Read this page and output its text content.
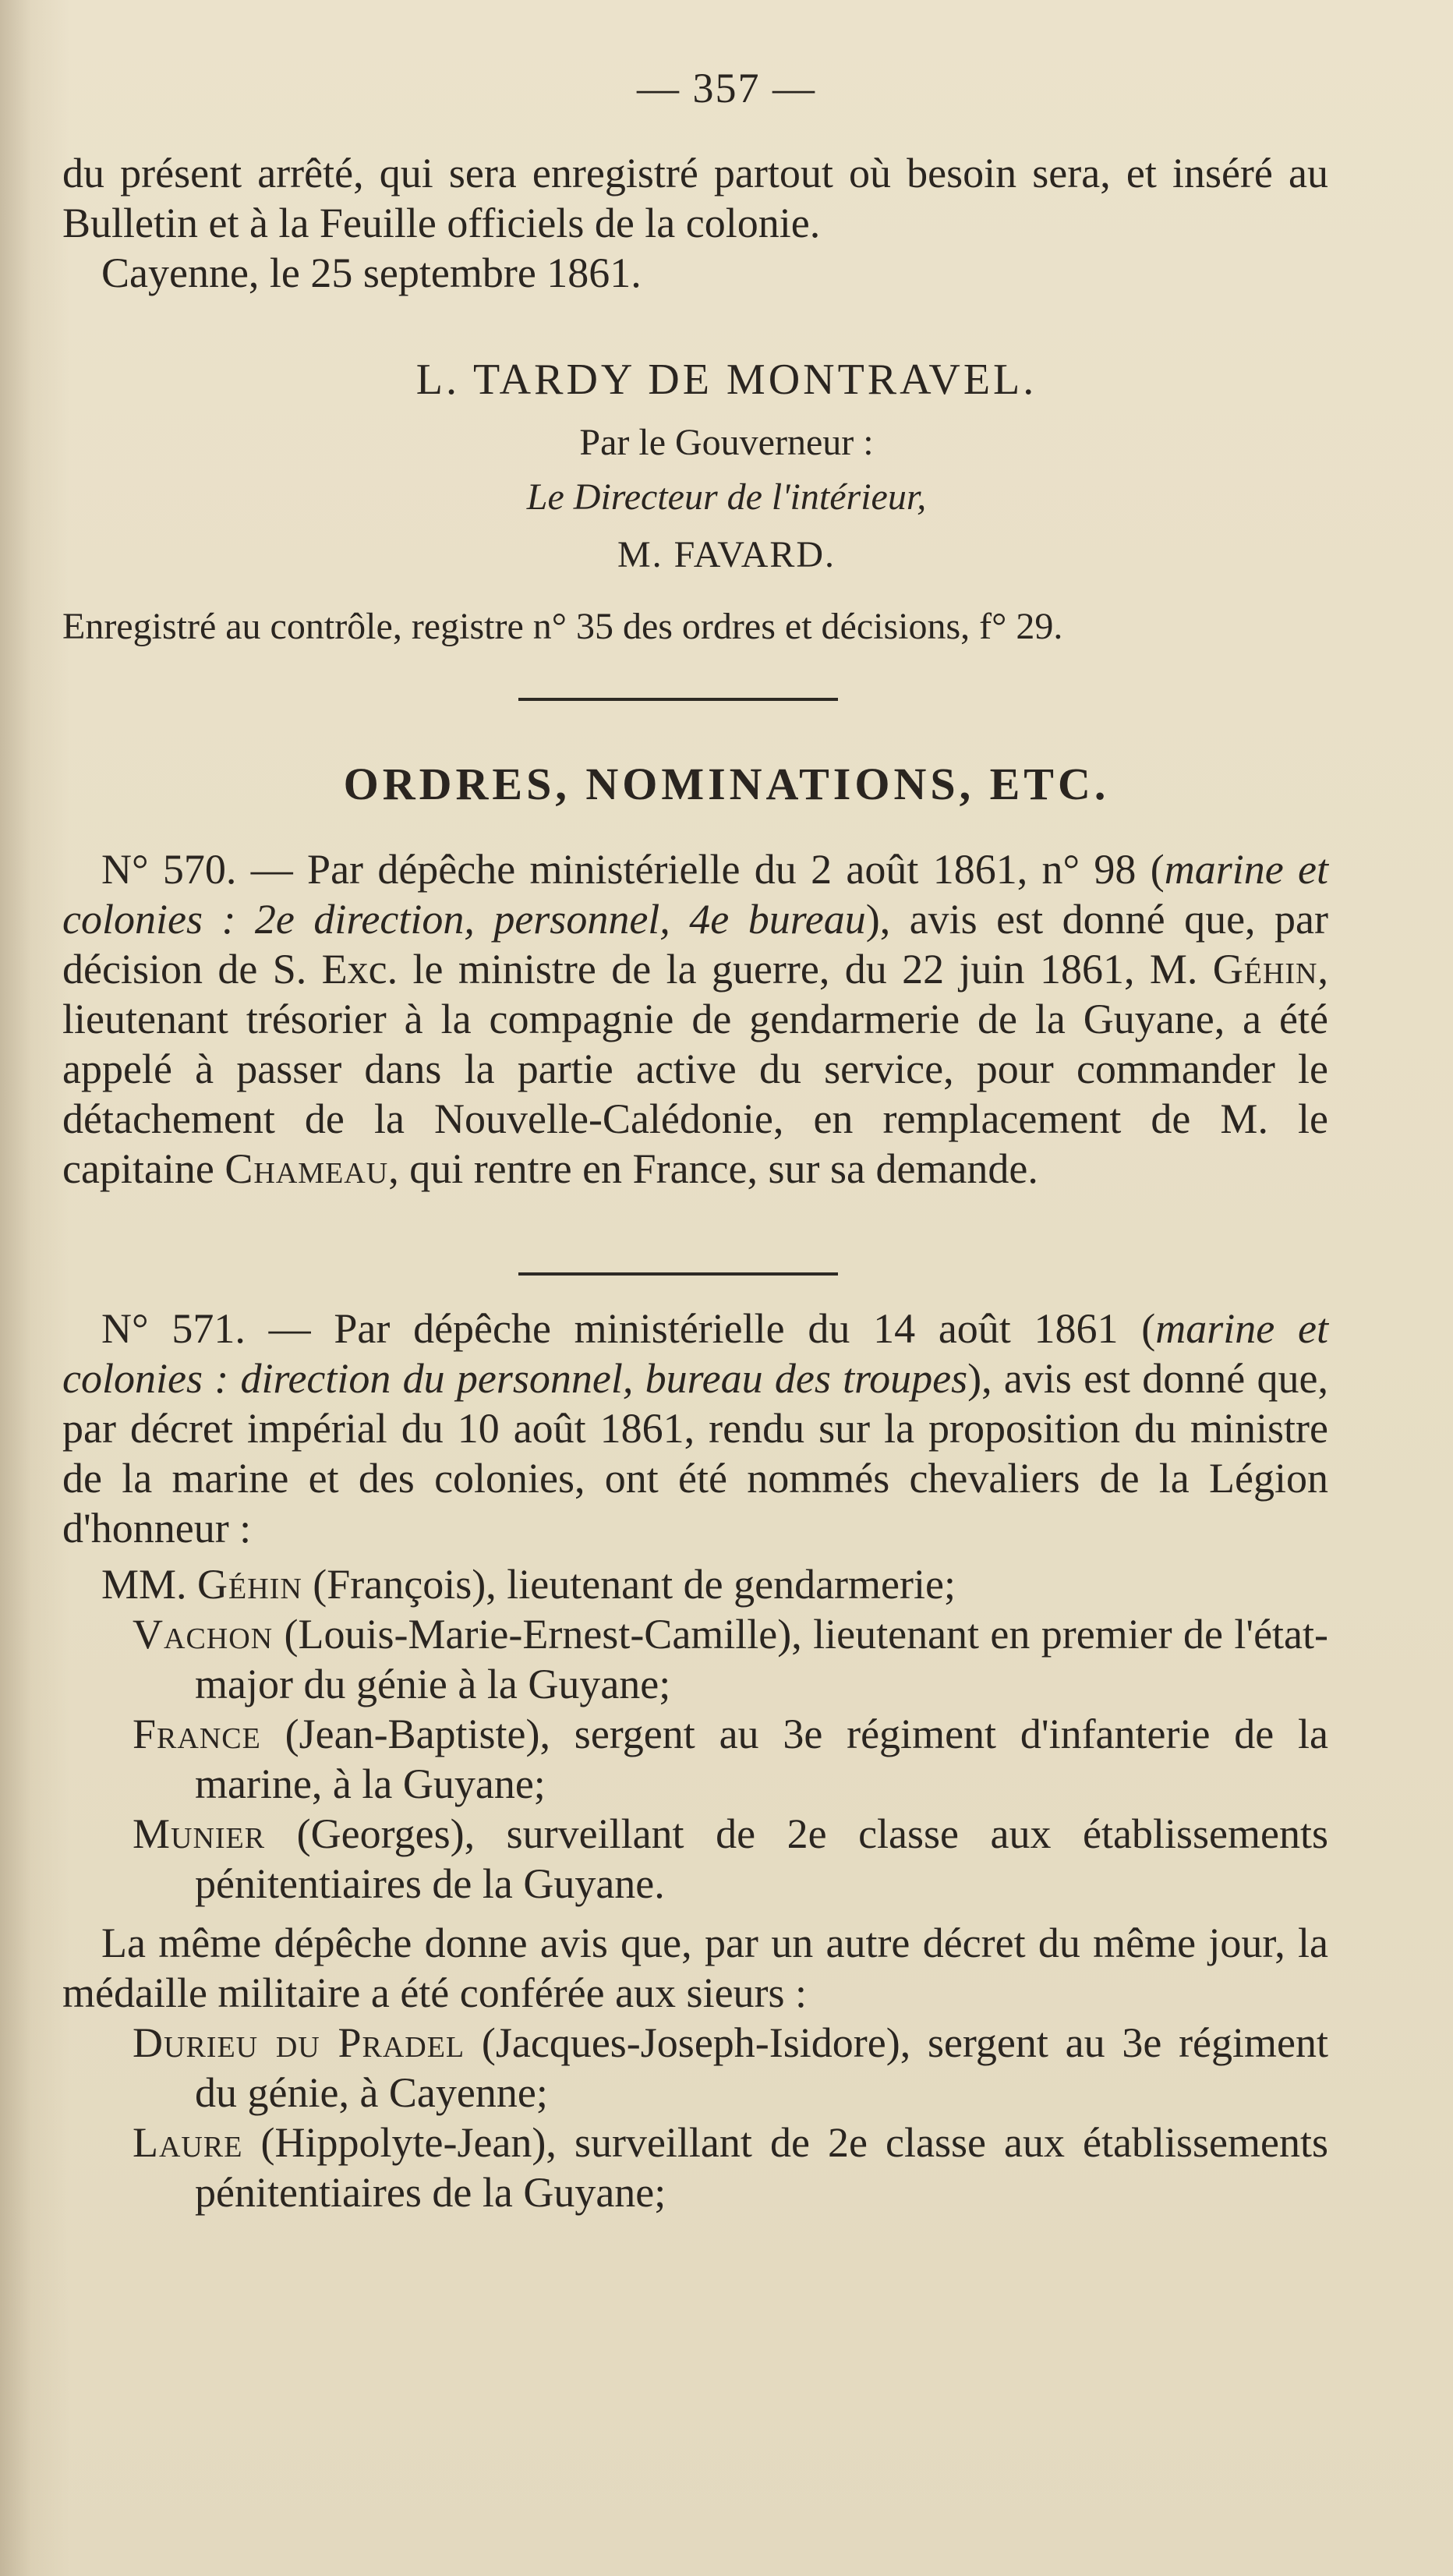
— 357 —

du présent arrêté, qui sera enregistré partout où besoin sera, et inséré au Bulletin et à la Feuille officiels de la colonie.

Cayenne, le 25 septembre 1861.

L. TARDY DE MONTRAVEL.
Par le Gouverneur :
Le Directeur de l'intérieur,
M. FAVARD.

Enregistré au contrôle, registre n° 35 des ordres et décisions, f° 29.

ORDRES, NOMINATIONS, ETC.

N° 570. — Par dépêche ministérielle du 2 août 1861, n° 98 (marine et colonies : 2e direction, personnel, 4e bureau), avis est donné que, par décision de S. Exc. le ministre de la guerre, du 22 juin 1861, M. Géhin, lieutenant trésorier à la compagnie de gendarmerie de la Guyane, a été appelé à passer dans la partie active du service, pour commander le détachement de la Nouvelle-Calédonie, en remplacement de M. le capitaine Chameau, qui rentre en France, sur sa demande.

N° 571. — Par dépêche ministérielle du 14 août 1861 (marine et colonies : direction du personnel, bureau des troupes), avis est donné que, par décret impérial du 10 août 1861, rendu sur la proposition du ministre de la marine et des colonies, ont été nommés chevaliers de la Légion d'honneur :

MM. Géhin (François), lieutenant de gendarmerie;

Vachon (Louis-Marie-Ernest-Camille), lieutenant en premier de l'état-major du génie à la Guyane;

France (Jean-Baptiste), sergent au 3e régiment d'infanterie de la marine, à la Guyane;

Munier (Georges), surveillant de 2e classe aux établissements pénitentiaires de la Guyane.

La même dépêche donne avis que, par un autre décret du même jour, la médaille militaire a été conférée aux sieurs :

Durieu du Pradel (Jacques-Joseph-Isidore), sergent au 3e régiment du génie, à Cayenne;

Laure (Hippolyte-Jean), surveillant de 2e classe aux établissements pénitentiaires de la Guyane;
